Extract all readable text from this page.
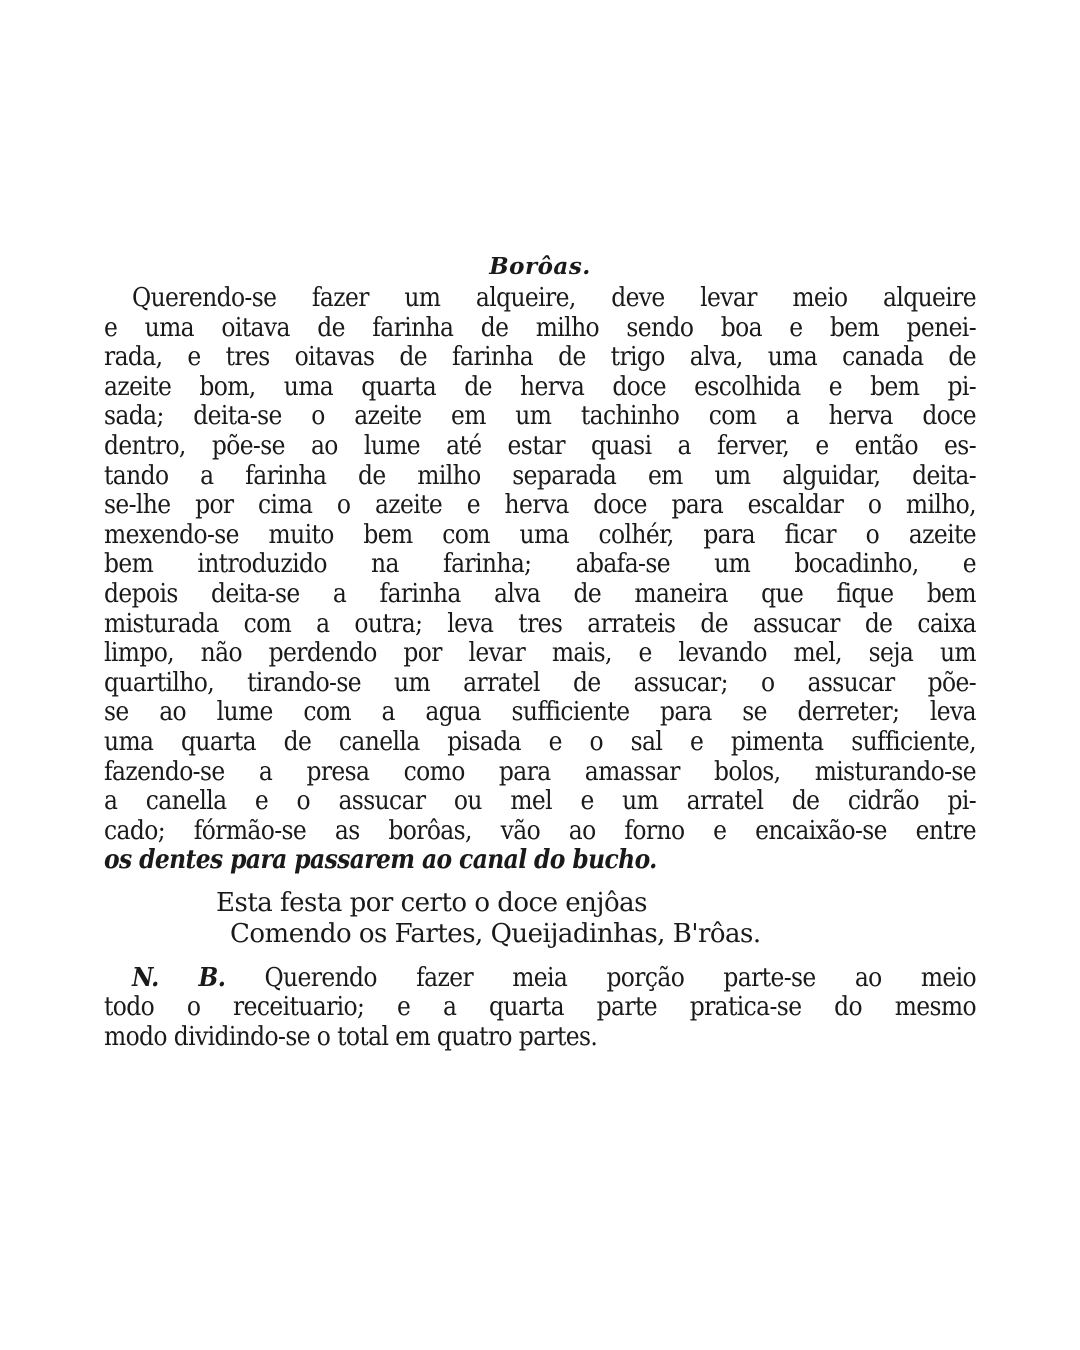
Borôas.
Querendo-se fazer um alqueire, deve levar meio alqueire
e uma oitava de farinha de milho sendo boa e bem penei-
rada, e tres oitavas de farinha de trigo alva, uma canada de
azeite bom, uma quarta de herva doce escolhida e bem pi-
sada; deita-se o azeite em um tachinho com a herva doce
dentro, põe-se ao lume até estar quasi a ferver, e então es-
tando a farinha de milho separada em um alguidar, deita-
se-lhe por cima o azeite e herva doce para escaldar o milho,
mexendo-se muito bem com uma colhér, para ficar o azeite
bem introduzido na farinha; abafa-se um bocadinho, e
depois deita-se a farinha alva de maneira que fique bem
misturada com a outra; leva tres arrateis de assucar de caixa
limpo, não perdendo por levar mais, e levando mel, seja um
quartilho, tirando-se um arratel de assucar; o assucar põe-
se ao lume com a agua sufficiente para se derreter; leva
uma quarta de canella pisada e o sal e pimenta sufficiente,
fazendo-se a presa como para amassar bolos, misturando-se
a canella e o assucar ou mel e um arratel de cidrão pi-
cado; fórmão-se as borôas, vão ao forno e encaixão-se entre
os dentes para passarem ao canal do bucho.
Esta festa por certo o doce enjôas
Comendo os Fartes, Queijadinhas, B'rôas.
N. B. Querendo fazer meia porção parte-se ao meio
todo o receituario; e a quarta parte pratica-se do mesmo
modo dividindo-se o total em quatro partes.
